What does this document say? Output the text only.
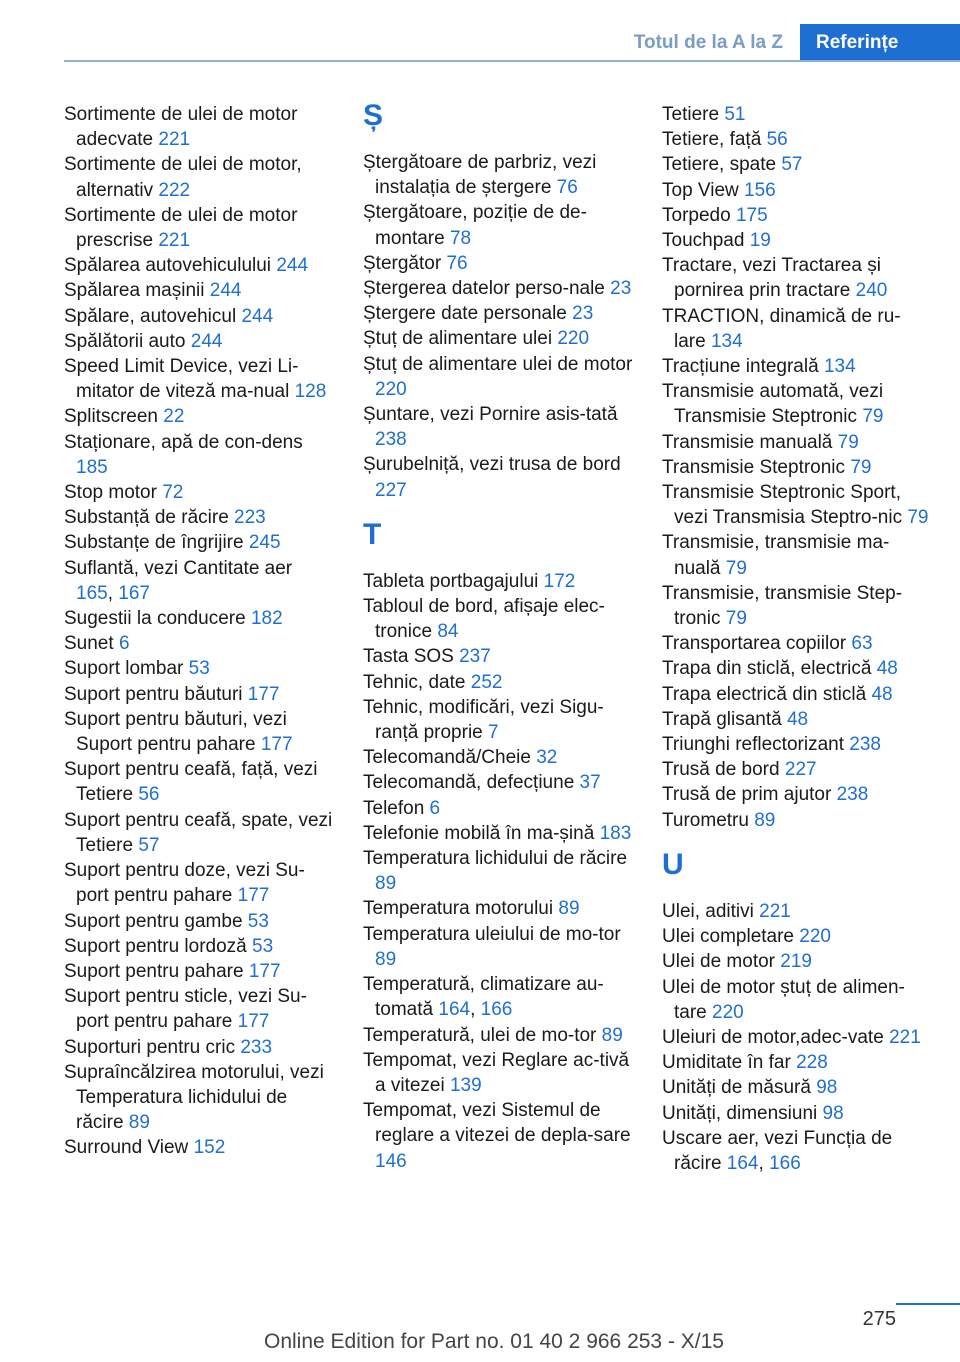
Totul de la A la Z	Referințe
Sortimente de ulei de motor adecvate 221
Sortimente de ulei de motor, alternativ 222
Sortimente de ulei de motor prescrise 221
Spălarea autovehiculului 244
Spălarea mașinii 244
Spălare, autovehicul 244
Spălătorii auto 244
Speed Limit Device, vezi Li-mitator de viteză ma-nual 128
Splitscreen 22
Staționare, apă de con-dens 185
Stop motor 72
Substanță de răcire 223
Substanțe de îngrijire 245
Suflantă, vezi Cantitate aer 165, 167
Sugestii la conducere 182
Sunet 6
Suport lombar 53
Suport pentru băuturi 177
Suport pentru băuturi, vezi Suport pentru pahare 177
Suport pentru ceafă, față, vezi Tetiere 56
Suport pentru ceafă, spate, vezi Tetiere 57
Suport pentru doze, vezi Su-port pentru pahare 177
Suport pentru gambe 53
Suport pentru lordoză 53
Suport pentru pahare 177
Suport pentru sticle, vezi Su-port pentru pahare 177
Suporturi pentru cric 233
Supraîncălzirea motorului, vezi Temperatura lichidului de răcire 89
Surround View 152
Ș
Ștergătoare de parbriz, vezi instalația de ștergere 76
Ștergătoare, poziție de de-montare 78
Ștergător 76
Ștergerea datelor perso-nale 23
Ștergere date personale 23
Ștuț de alimentare ulei 220
Ștuț de alimentare ulei de motor 220
Șuntare, vezi Pornire asis-tată 238
Șurubelniță, vezi trusa de bord 227
T
Tableta portbagajului 172
Tabloul de bord, afișaje elec-tronice 84
Tasta SOS 237
Tehnic, date 252
Tehnic, modificări, vezi Sigu-ranță proprie 7
Telecomandă/Cheie 32
Telecomandă, defecțiune 37
Telefon 6
Telefonie mobilă în ma-șină 183
Temperatura lichidului de răcire 89
Temperatura motorului 89
Temperatura uleiului de mo-tor 89
Temperatură, climatizare au-tomată 164, 166
Temperatură, ulei de mo-tor 89
Tempomat, vezi Reglare ac-tivă a vitezei 139
Tempomat, vezi Sistemul de reglare a vitezei de depla-sare 146
Tetiere 51
Tetiere, față 56
Tetiere, spate 57
Top View 156
Torpedo 175
Touchpad 19
Tractare, vezi Tractarea și pornirea prin tractare 240
TRACTION, dinamică de ru-lare 134
Tracțiune integrală 134
Transmisie automată, vezi Transmisie Steptronic 79
Transmisie manuală 79
Transmisie Steptronic 79
Transmisie Steptronic Sport, vezi Transmisia Steptro-nic 79
Transmisie, transmisie ma-nuală 79
Transmisie, transmisie Step-tronic 79
Transportarea copiilor 63
Trapa din sticlă, electrică 48
Trapa electrică din sticlă 48
Trapă glisantă 48
Triunghi reflectorizant 238
Trusă de bord 227
Trusă de prim ajutor 238
Turometru 89
U
Ulei, aditivi 221
Ulei completare 220
Ulei de motor 219
Ulei de motor ștuț de alimen-tare 220
Uleiuri de motor,adec-vate 221
Umiditate în far 228
Unități de măsură 98
Unități, dimensiuni 98
Uscare aer, vezi Funcția de răcire 164, 166
275
Online Edition for Part no. 01 40 2 966 253 - X/15
